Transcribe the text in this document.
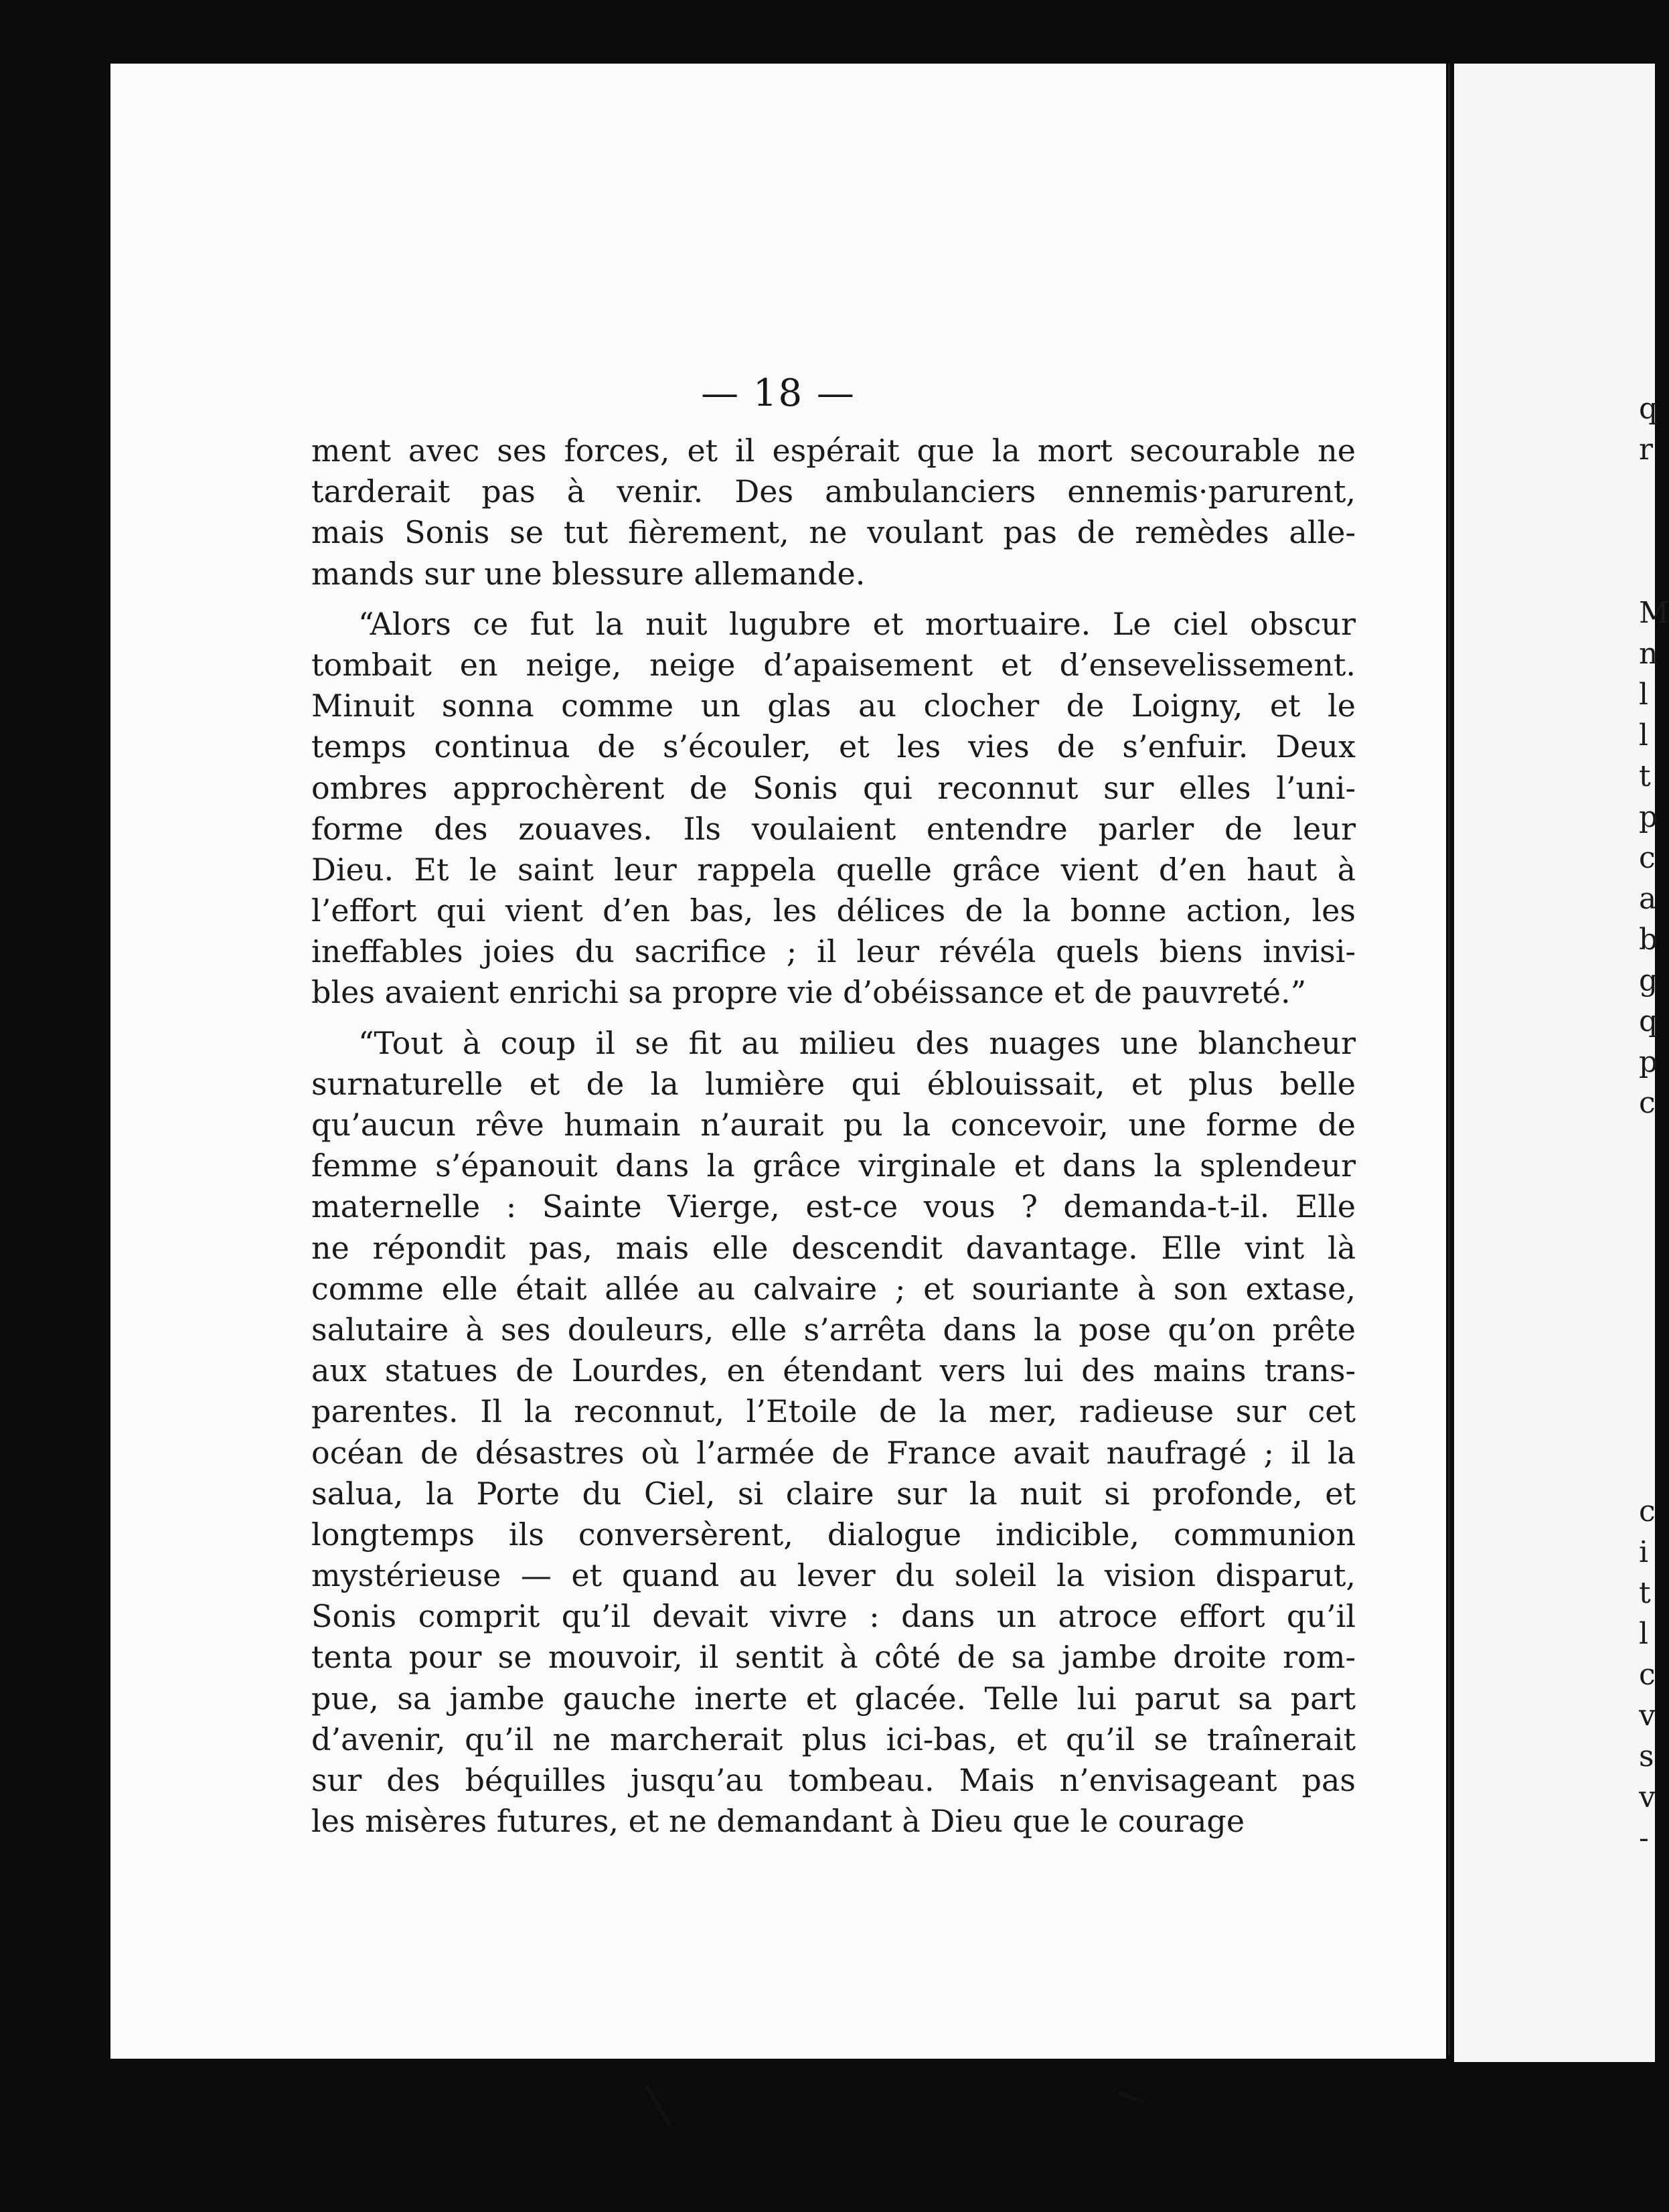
— 18 —
ment avec ses forces, et il espérait que la mort secourable ne
tarderait pas à venir. Des ambulanciers ennemis·parurent,
mais Sonis se tut fièrement, ne voulant pas de remèdes alle-
mands sur une blessure allemande.
“Alors ce fut la nuit lugubre et mortuaire. Le ciel obscur
tombait en neige, neige d’apaisement et d’ensevelissement.
Minuit sonna comme un glas au clocher de Loigny, et le
temps continua de s’écouler, et les vies de s’enfuir. Deux
ombres approchèrent de Sonis qui reconnut sur elles l’uni-
forme des zouaves. Ils voulaient entendre parler de leur
Dieu. Et le saint leur rappela quelle grâce vient d’en haut à
l’effort qui vient d’en bas, les délices de la bonne action, les
ineffables joies du sacrifice ; il leur révéla quels biens invisi-
bles avaient enrichi sa propre vie d’obéissance et de pauvreté.”
“Tout à coup il se fit au milieu des nuages une blancheur
surnaturelle et de la lumière qui éblouissait, et plus belle
qu’aucun rêve humain n’aurait pu la concevoir, une forme de
femme s’épanouit dans la grâce virginale et dans la splendeur
maternelle : Sainte Vierge, est-ce vous ? demanda-t-il. Elle
ne répondit pas, mais elle descendit davantage. Elle vint là
comme elle était allée au calvaire ; et souriante à son extase,
salutaire à ses douleurs, elle s’arrêta dans la pose qu’on prête
aux statues de Lourdes, en étendant vers lui des mains trans-
parentes. Il la reconnut, l’Etoile de la mer, radieuse sur cet
océan de désastres où l’armée de France avait naufragé ; il la
salua, la Porte du Ciel, si claire sur la nuit si profonde, et
longtemps ils conversèrent, dialogue indicible, communion
mystérieuse — et quand au lever du soleil la vision disparut,
Sonis comprit qu’il devait vivre : dans un atroce effort qu’il
tenta pour se mouvoir, il sentit à côté de sa jambe droite rom-
pue, sa jambe gauche inerte et glacée. Telle lui parut sa part
d’avenir, qu’il ne marcherait plus ici-bas, et qu’il se traînerait
sur des béquilles jusqu’au tombeau. Mais n’envisageant pas
les misères futures, et ne demandant à Dieu que le courage
q
r
M
n
l
l
t
p
c
a
b
g
q
p
c
c
i
t
l
c
v
s
v
-
